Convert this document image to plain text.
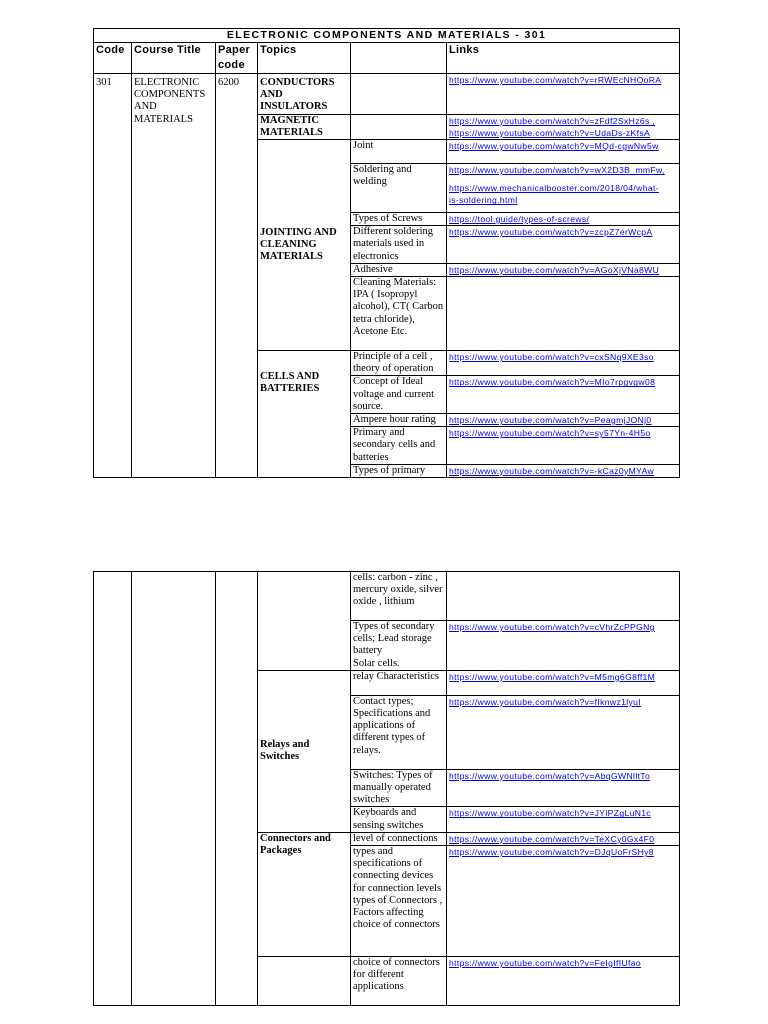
ELECTRONIC COMPONENTS AND MATERIALS - 301					
Code	Course Title	Paper code	Topics		Links
301	ELECTRONIC COMPONENTS AND MATERIALS	6200	CONDUCTORS AND INSULATORS		https://www.youtube.com/watch?v=rRWEcNHOoRA

			MAGNETIC MATERIALS		https://www.youtube.com/watch?v=zFdf2SxHz6s ,
https://www.youtube.com/watch?v=UdaDs-zKfsA

			JOINTING AND CLEANING MATERIALS	Joint	https://www.youtube.com/watch?v=MQd-cgwNw5w

				Soldering and welding	https://www.youtube.com/watch?v=wX2D3B_mmFw,
https://www.mechanicalbooster.com/2018/04/what-
is-soldering.html

				Types of Screws	https://tool.guide/types-of-screws/

				Different soldering materials used in electronics	https://www.youtube.com/watch?v=zcpZ7erWcpA

				Adhesive	https://www.youtube.com/watch?v=AGoXjVNa8WU

				Cleaning Materials: IPA ( Isopropyl alcohol), CT( Carbon tetra chloride), Acetone Etc.	
			CELLS AND BATTERIES	Principle of a cell , theory of operation	https://www.youtube.com/watch?v=cxSNq9XE3so

				Concept of Ideal voltage and current source.	https://www.youtube.com/watch?v=MIo7rpgvgw08

				Ampere hour rating	https://www.youtube.com/watch?v=PeagmjJONj0

				Primary and secondary cells and batteries	https://www.youtube.com/watch?v=sy57Yn-4H5o

				Types of primary	https://www.youtube.com/watch?v=-kCaz0yMYAw
				cells: carbon - zinc , mercury oxide, silver oxide , lithium	
				Types of secondary cells; Lead storage battery
Solar cells.	https://www.youtube.com/watch?v=cVhrZcPPGNg

			Relays and Switches	relay Characteristics	https://www.youtube.com/watch?v=M5mg6G8ff1M

				Contact types; Specifications and applications of different types of relays.	https://www.youtube.com/watch?v=fIknwz1lyuI

				Switches: Types of manually operated switches	https://www.youtube.com/watch?v=AbqGWNlltTo

				Keyboards and sensing switches	https://www.youtube.com/watch?v=JYlPZgLuN1c

			Connectors and Packages	level of connections	https://www.youtube.com/watch?v=TeXCy0Gx4F0

				types and specifications of connecting devices for connection levels
types of Connectors , Factors affecting choice of connectors	https://www.youtube.com/watch?v=DJqUoFrSHy8

				choice of connectors for different applications	https://www.youtube.com/watch?v=FeIgIfIUfao
